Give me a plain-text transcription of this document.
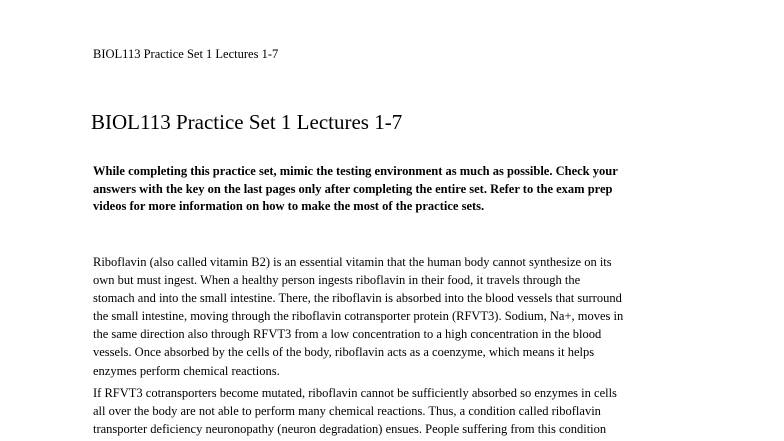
BIOL113 Practice Set 1 Lectures 1-7
BIOL113 Practice Set 1 Lectures 1-7

While completing this practice set, mimic the testing environment as much as possible. Check your
answers with the key on the last pages only after completing the entire set. Refer to the exam prep
videos for more information on how to make the most of the practice sets.

Riboflavin (also called vitamin B2) is an essential vitamin that the human body cannot synthesize on its
own but must ingest. When a healthy person ingests riboflavin in their food, it travels through the
stomach and into the small intestine. There, the riboflavin is absorbed into the blood vessels that surround
the small intestine, moving through the riboflavin cotransporter protein (RFVT3). Sodium, Na+, moves in
the same direction also through RFVT3 from a low concentration to a high concentration in the blood
vessels. Once absorbed by the cells of the body, riboflavin acts as a coenzyme, which means it helps
enzymes perform chemical reactions.

If RFVT3 cotransporters become mutated, riboflavin cannot be sufficiently absorbed so enzymes in cells
all over the body are not able to perform many chemical reactions. Thus, a condition called riboflavin
transporter deficiency neuronopathy (neuron degradation) ensues. People suffering from this condition
